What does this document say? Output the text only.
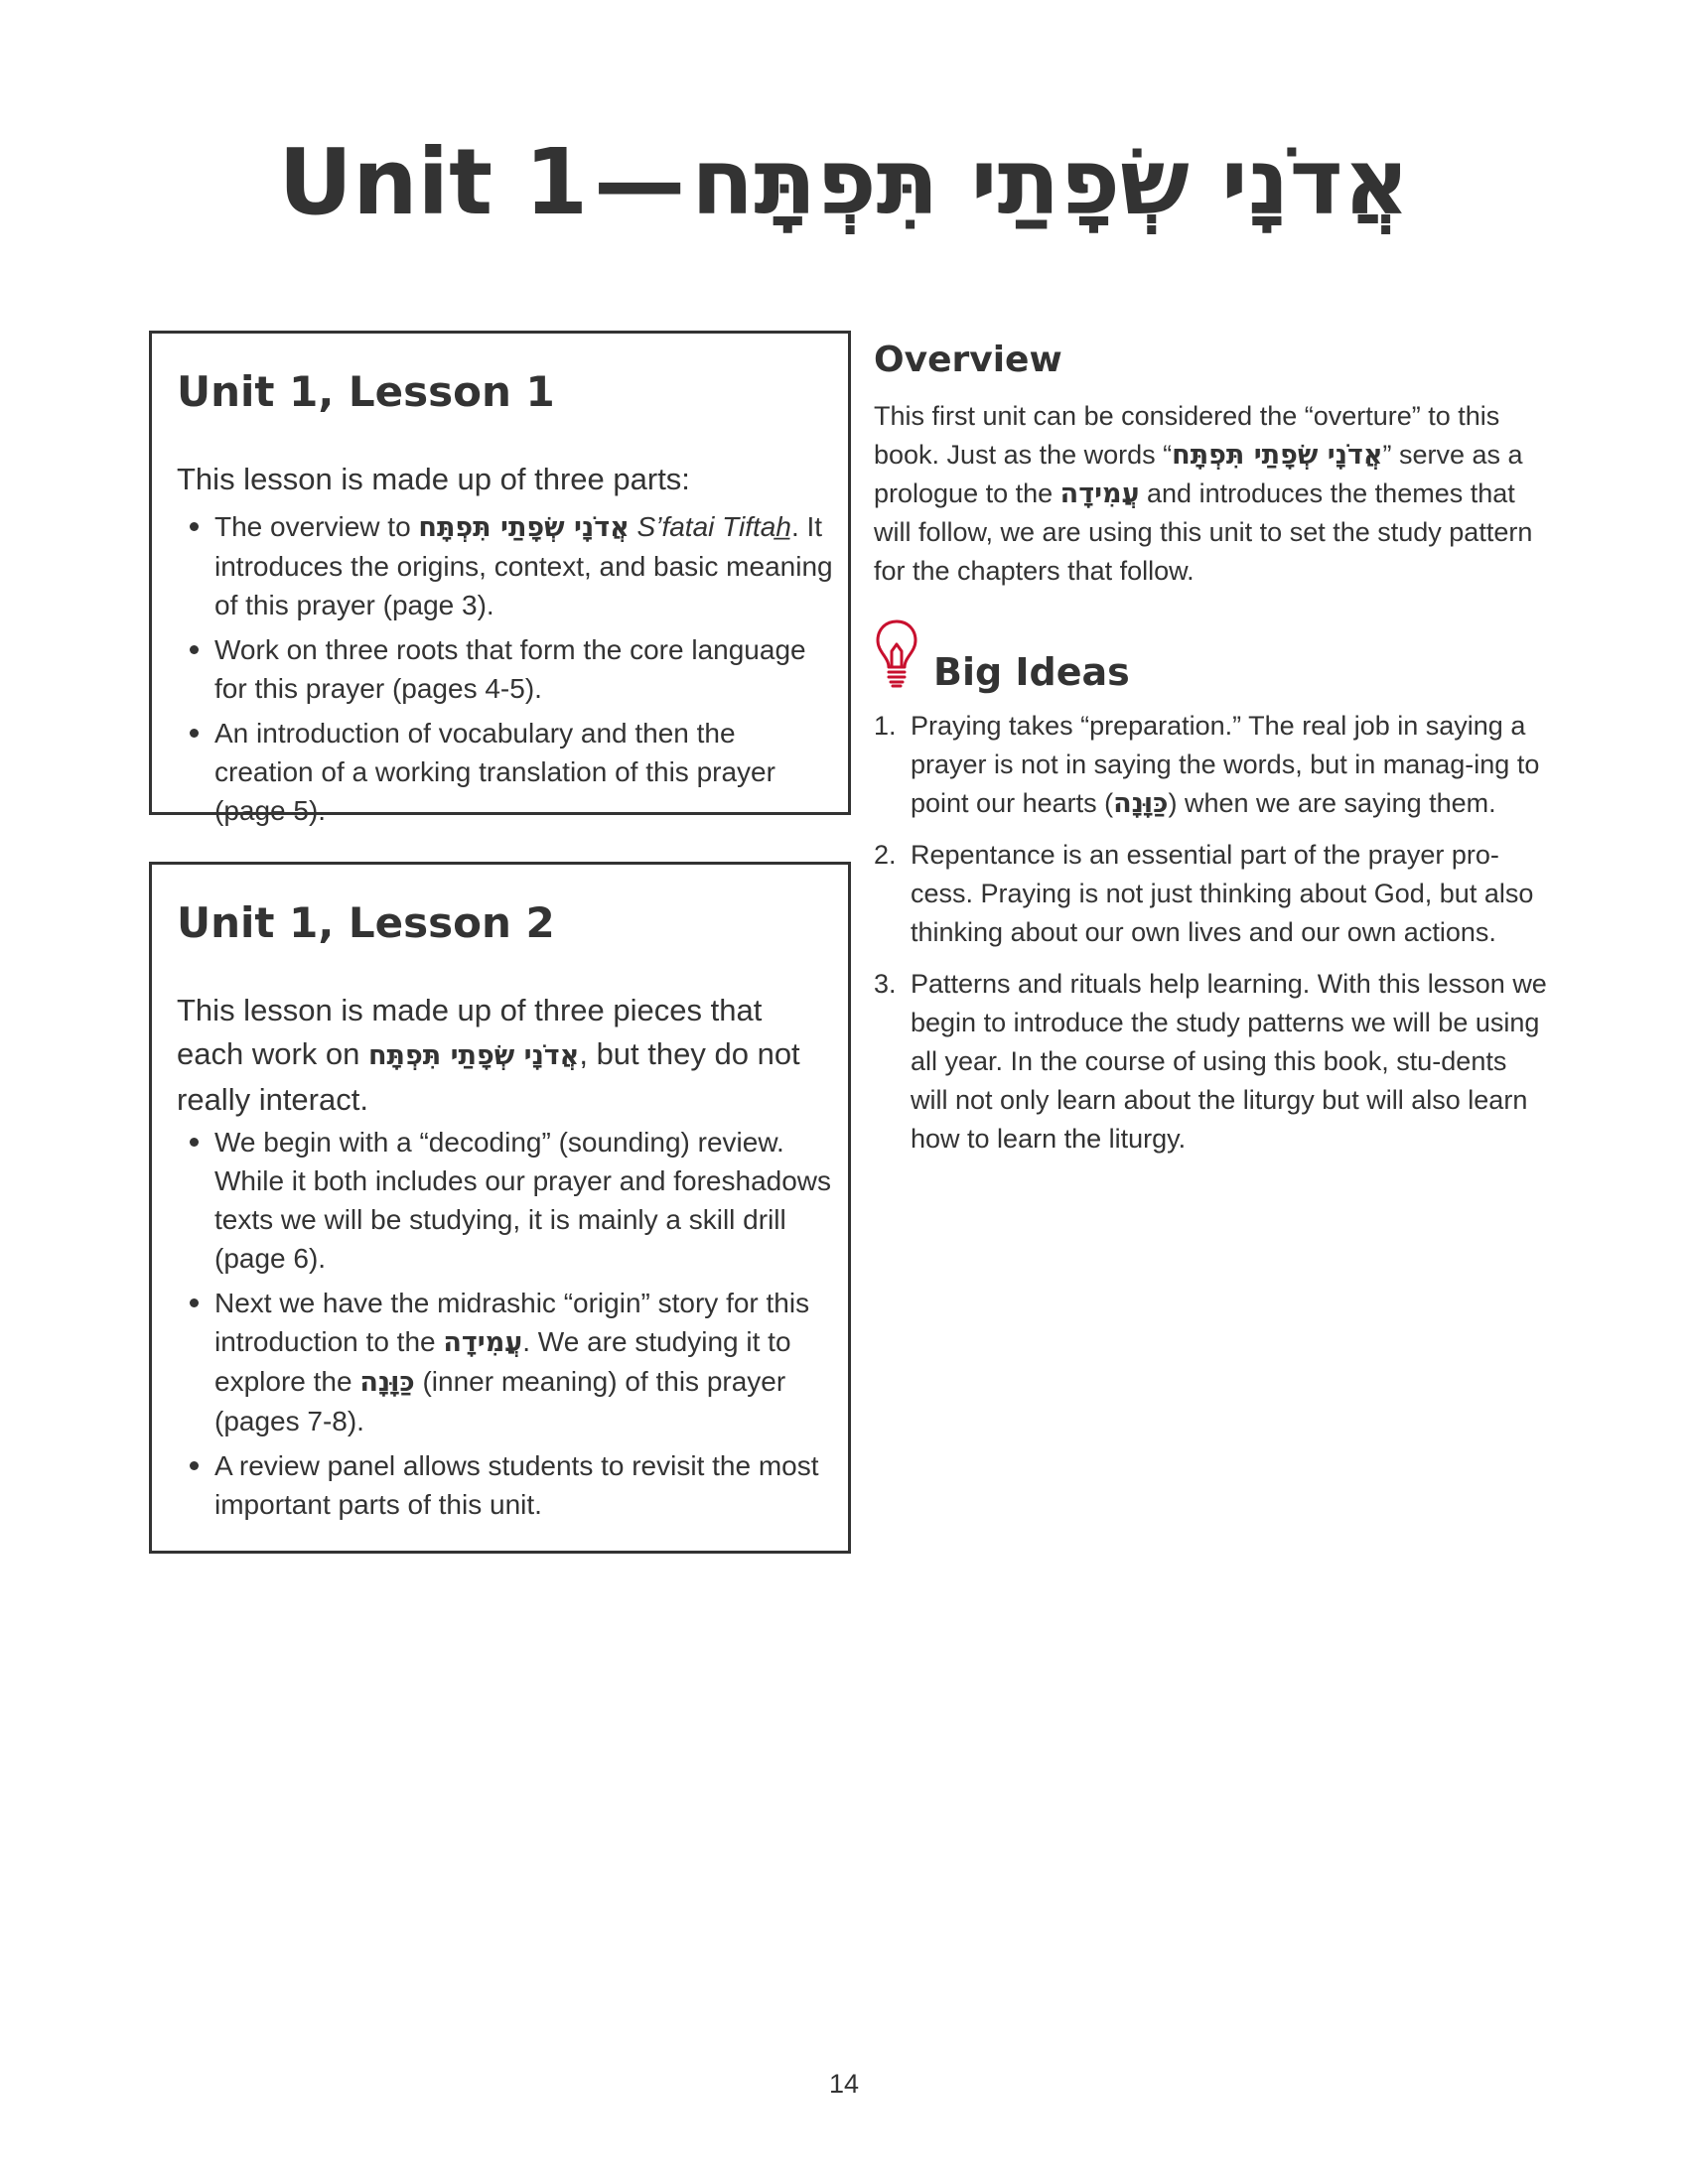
Unit 1—אֲדֹנָי שְׂפָתַי תִּפְתָּח
Unit 1, Lesson 1
This lesson is made up of three parts:
The overview to אֲדֹנָי שְׂפָתַי תִּפְתָּח S’fatai Tiftah̲. It introduces the origins, context, and basic meaning of this prayer (page 3).
Work on three roots that form the core language for this prayer (pages 4-5).
An introduction of vocabulary and then the creation of a working translation of this prayer (page 5).
Unit 1, Lesson 2
This lesson is made up of three pieces that each work on אֲדֹנָי שְׂפָתַי תִּפְתָּח, but they do not really interact.
We begin with a “decoding” (sounding) review. While it both includes our prayer and foreshadows texts we will be studying, it is mainly a skill drill (page 6).
Next we have the midrashic “origin” story for this introduction to the עֲמִידָה. We are studying it to explore the כַּוָּנָה (inner meaning) of this prayer (pages 7-8).
A review panel allows students to revisit the most important parts of this unit.
Overview

This first unit can be considered the “overture” to this book. Just as the words “אֲדֹנָי שְׂפָתַי תִּפְתָּח” serve as a prologue to the עֲמִידָה and introduces the themes that will follow, we are using this unit to set the study pattern for the chapters that follow.

Big Ideas
1. Praying takes “preparation.” The real job in saying a prayer is not in saying the words, but in manag-ing to point our hearts (כַּוָּנָה) when we are saying them.
2. Repentance is an essential part of the prayer pro-cess. Praying is not just thinking about God, but also thinking about our own lives and our own actions.
3. Patterns and rituals help learning. With this lesson we begin to introduce the study patterns we will be using all year. In the course of using this book, stu-dents will not only learn about the liturgy but will also learn how to learn the liturgy.
14
